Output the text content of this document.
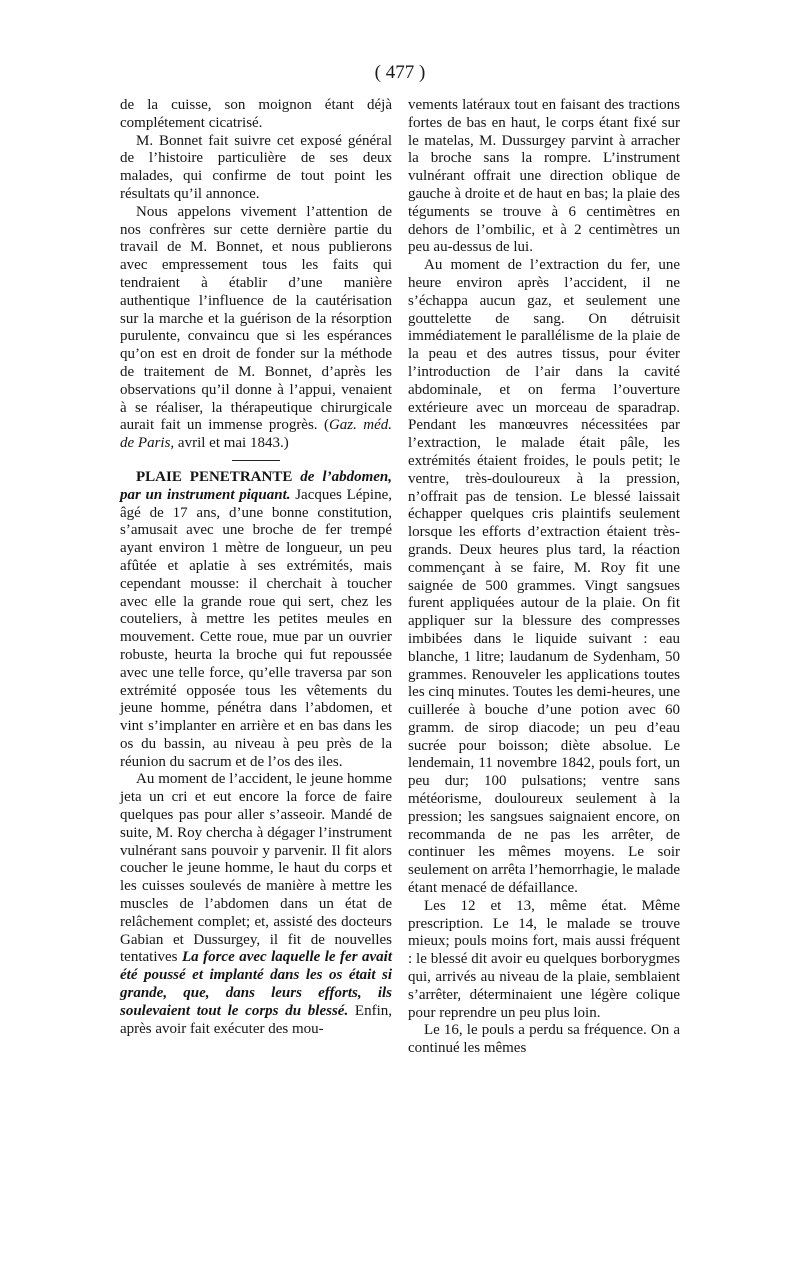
( 477 )

de la cuisse, son moignon étant déjà complétement cicatrisé.

M. Bonnet fait suivre cet exposé général de l’histoire particulière de ses deux malades, qui confirme de tout point les résultats qu’il annonce.

Nous appelons vivement l’attention de nos confrères sur cette dernière partie du travail de M. Bonnet, et nous publierons avec empressement tous les faits qui tendraient à établir d’une manière authentique l’influence de la cautérisation sur la marche et la guérison de la résorption purulente, convaincu que si les espérances qu’on est en droit de fonder sur la méthode de traitement de M. Bonnet, d’après les observations qu’il donne à l’appui, venaient à se réaliser, la thérapeutique chirurgicale aurait fait un immense progrès. (Gaz. méd. de Paris, avril et mai 1843.)

PLAIE PENETRANTE de l’abdomen, par un instrument piquant. Jacques Lépine, âgé de 17 ans, d’une bonne constitution, s’amusait avec une broche de fer trempé ayant environ 1 mètre de longueur, un peu afûtée et aplatie à ses extrémités, mais cependant mousse: il cherchait à toucher avec elle la grande roue qui sert, chez les couteliers, à mettre les petites meules en mouvement. Cette roue, mue par un ouvrier robuste, heurta la broche qui fut repoussée avec une telle force, qu’elle traversa par son extrémité opposée tous les vêtements du jeune homme, pénétra dans l’abdomen, et vint s’implanter en arrière et en bas dans les os du bassin, au niveau à peu près de la réunion du sacrum et de l’os des iles.

Au moment de l’accident, le jeune homme jeta un cri et eut encore la force de faire quelques pas pour aller s’asseoir. Mandé de suite, M. Roy chercha à dégager l’instrument vulnérant sans pouvoir y parvenir. Il fit alors coucher le jeune homme, le haut du corps et les cuisses soulevés de manière à mettre les muscles de l’abdomen dans un état de relâchement complet; et, assisté des docteurs Gabian et Dussurgey, il fit de nouvelles tentatives La force avec laquelle le fer avait été poussé et implanté dans les os était si grande, que, dans leurs efforts, ils soulevaient tout le corps du blessé. Enfin, après avoir fait exécuter des mou-

vements latéraux tout en faisant des tractions fortes de bas en haut, le corps étant fixé sur le matelas, M. Dussurgey parvint à arracher la broche sans la rompre. L’instrument vulnérant offrait une direction oblique de gauche à droite et de haut en bas; la plaie des téguments se trouve à 6 centimètres en dehors de l’ombilic, et à 2 centimètres un peu au-dessus de lui.

Au moment de l’extraction du fer, une heure environ après l’accident, il ne s’échappa aucun gaz, et seulement une gouttelette de sang. On détruisit immédiatement le parallélisme de la plaie de la peau et des autres tissus, pour éviter l’introduction de l’air dans la cavité abdominale, et on ferma l’ouverture extérieure avec un morceau de sparadrap. Pendant les manœuvres nécessitées par l’extraction, le malade était pâle, les extrémités étaient froides, le pouls petit; le ventre, très-douloureux à la pression, n’offrait pas de tension. Le blessé laissait échapper quelques cris plaintifs seulement lorsque les efforts d’extraction étaient très-grands. Deux heures plus tard, la réaction commençant à se faire, M. Roy fit une saignée de 500 grammes. Vingt sangsues furent appliquées autour de la plaie. On fit appliquer sur la blessure des compresses imbibées dans le liquide suivant : eau blanche, 1 litre; laudanum de Sydenham, 50 grammes. Renouveler les applications toutes les cinq minutes. Toutes les demi-heures, une cuillerée à bouche d’une potion avec 60 gramm. de sirop diacode; un peu d’eau sucrée pour boisson; diète absolue. Le lendemain, 11 novembre 1842, pouls fort, un peu dur; 100 pulsations; ventre sans météorisme, douloureux seulement à la pression; les sangsues saignaient encore, on recommanda de ne pas les arrêter, de continuer les mêmes moyens. Le soir seulement on arrêta l’hemorrhagie, le malade étant menacé de défaillance.

Les 12 et 13, même état. Même prescription. Le 14, le malade se trouve mieux; pouls moins fort, mais aussi fréquent : le blessé dit avoir eu quelques borborygmes qui, arrivés au niveau de la plaie, semblaient s’arrêter, déterminaient une légère colique pour reprendre un peu plus loin.

Le 16, le pouls a perdu sa fréquence. On a continué les mêmes
